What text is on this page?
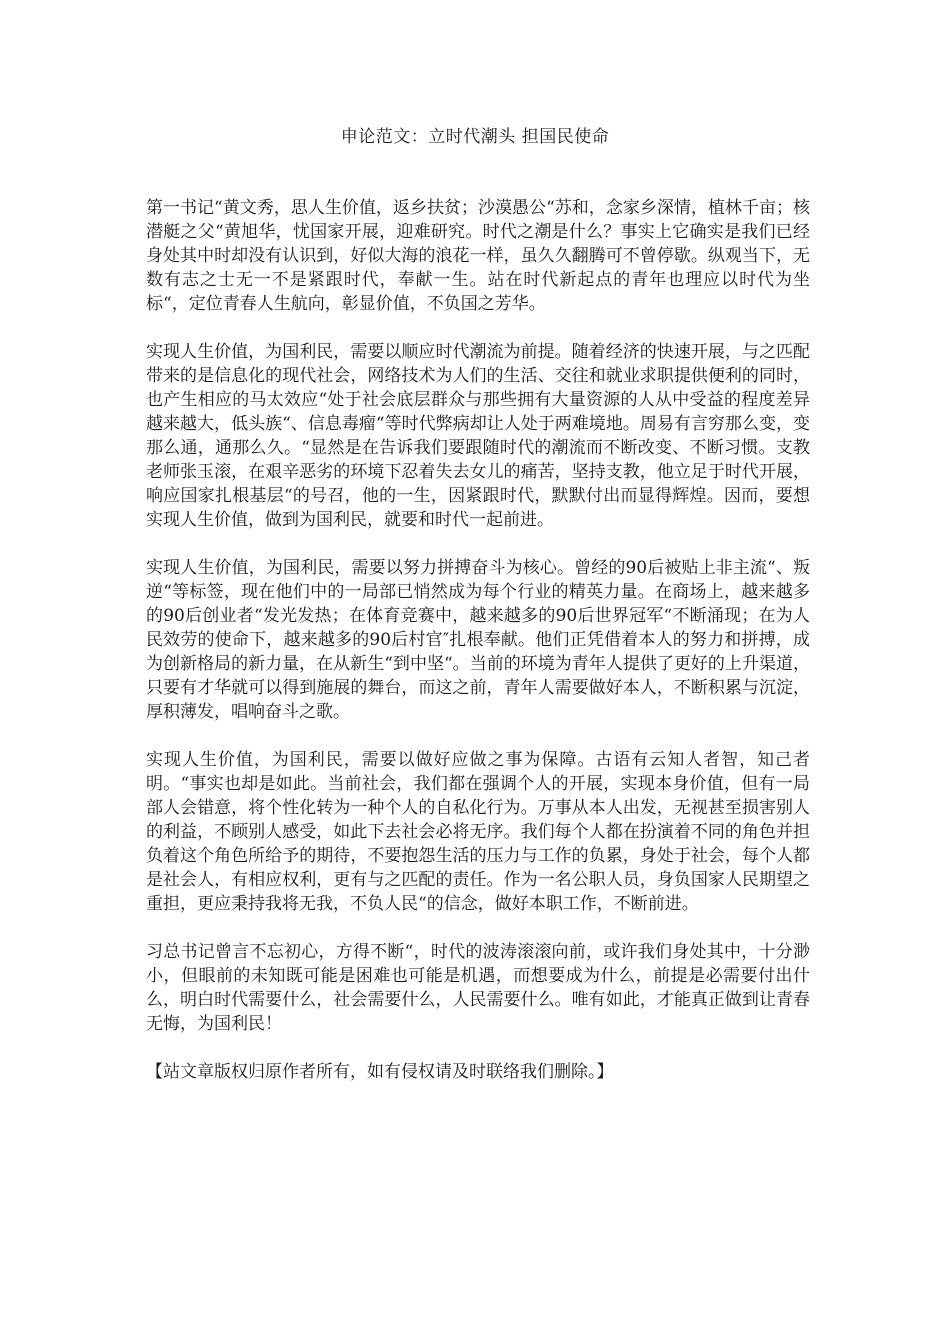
申论范文：立时代潮头 担国民使命

第一书记“黄文秀，思人生价值，返乡扶贫；沙漠愚公“苏和，念家乡深情，植林千亩；核潜艇之父“黄旭华，忧国家开展，迎难研究。时代之潮是什么？事实上它确实是我们已经身处其中时却没有认识到，好似大海的浪花一样，虽久久翻腾可不曾停歇。纵观当下，无数有志之士无一不是紧跟时代，奉献一生。站在时代新起点的青年也理应以时代为坐标“，定位青春人生航向，彰显价值，不负国之芳华。

实现人生价值，为国利民，需要以顺应时代潮流为前提。随着经济的快速开展，与之匹配带来的是信息化的现代社会，网络技术为人们的生活、交往和就业求职提供便利的同时，也产生相应的马太效应“处于社会底层群众与那些拥有大量资源的人从中受益的程度差异越来越大，低头族“、信息毒瘤“等时代弊病却让人处于两难境地。周易有言穷那么变，变那么通，通那么久。“显然是在告诉我们要跟随时代的潮流而不断改变、不断习惯。支教老师张玉滚，在艰辛恶劣的环境下忍着失去女儿的痛苦，坚持支教，他立足于时代开展，响应国家扎根基层“的号召，他的一生，因紧跟时代，默默付出而显得辉煌。因而，要想实现人生价值，做到为国利民，就要和时代一起前进。

实现人生价值，为国利民，需要以努力拼搏奋斗为核心。曾经的90后被贴上非主流“、叛逆“等标签，现在他们中的一局部已悄然成为每个行业的精英力量。在商场上，越来越多的90后创业者“发光发热；在体育竞赛中，越来越多的90后世界冠军“不断涌现；在为人民效劳的使命下，越来越多的90后村官″扎根奉献。他们正凭借着本人的努力和拼搏，成为创新格局的新力量，在从新生“到中坚“。当前的环境为青年人提供了更好的上升渠道，只要有才华就可以得到施展的舞台，而这之前，青年人需要做好本人，不断积累与沉淀，厚积薄发，唱响奋斗之歌。

实现人生价值，为国利民，需要以做好应做之事为保障。古语有云知人者智，知己者明。“事实也却是如此。当前社会，我们都在强调个人的开展，实现本身价值，但有一局部人会错意，将个性化转为一种个人的自私化行为。万事从本人出发，无视甚至损害别人的利益，不顾别人感受，如此下去社会必将无序。我们每个人都在扮演着不同的角色并担负着这个角色所给予的期待，不要抱怨生活的压力与工作的负累，身处于社会，每个人都是社会人，有相应权利，更有与之匹配的责任。作为一名公职人员，身负国家人民期望之重担，更应秉持我将无我，不负人民“的信念，做好本职工作，不断前进。

习总书记曾言不忘初心，方得不断“，时代的波涛滚滚向前，或许我们身处其中，十分渺小，但眼前的未知既可能是困难也可能是机遇，而想要成为什么，前提是必需要付出什么，明白时代需要什么，社会需要什么，人民需要什么。唯有如此，才能真正做到让青春无悔，为国利民！

【站文章版权归原作者所有，如有侵权请及时联络我们删除。】
